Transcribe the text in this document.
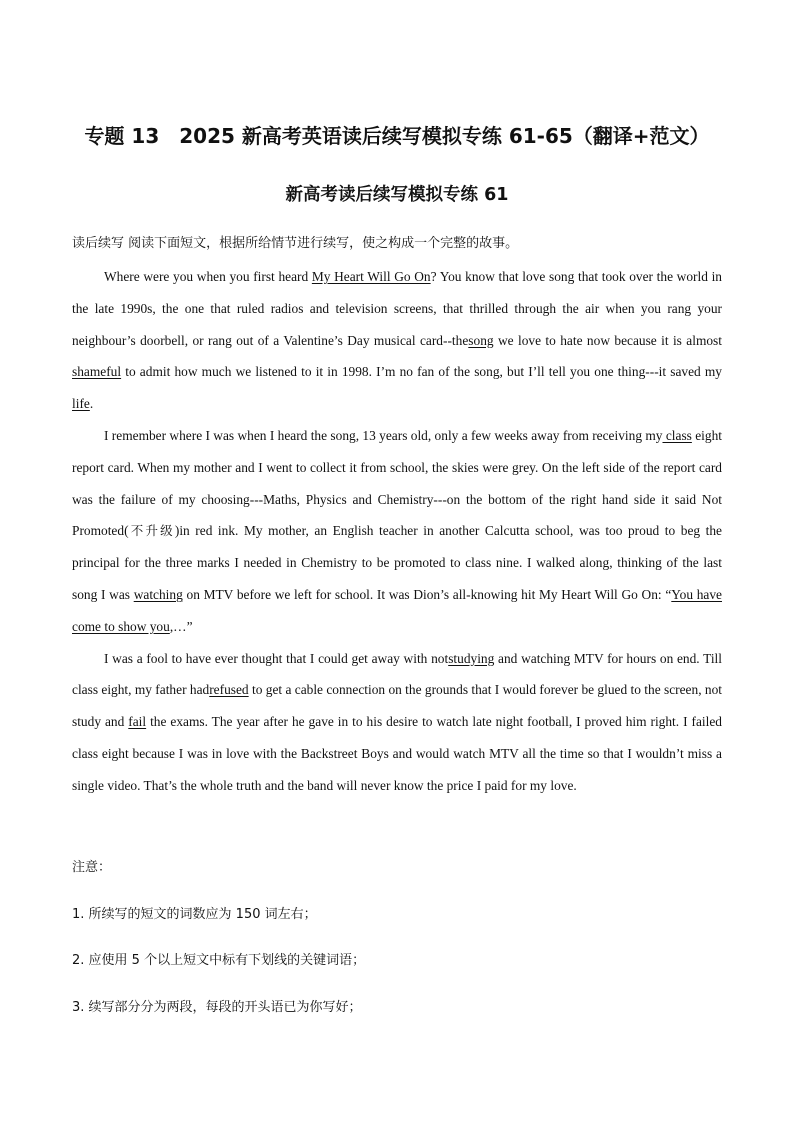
专题 13　2025 新高考英语读后续写模拟专练 61-65（翻译+范文）
新高考读后续写模拟专练 61
读后续写 阅读下面短文，根据所给情节进行续写，使之构成一个完整的故事。

Where were you when you first heard My Heart Will Go On? You know that love song that took over the world in the late 1990s, the one that ruled radios and television screens, that thrilled through the air when you rang your neighbour’s doorbell, or rang out of a Valentine’s Day musical card--thesong we love to hate now because it is almost shameful to admit how much we listened to it in 1998. I’m no fan of the song, but I’ll tell you one thing---it saved my life.

I remember where I was when I heard the song, 13 years old, only a few weeks away from receiving my class eight report card. When my mother and I went to collect it from school, the skies were grey. On the left side of the report card was the failure of my choosing---Maths, Physics and Chemistry---on the bottom of the right hand side it said Not Promoted(不升级)in red ink. My mother, an English teacher in another Calcutta school, was too proud to beg the principal for the three marks I needed in Chemistry to be promoted to class nine. I walked along, thinking of the last song I was watching on MTV before we left for school. It was Dion’s all-knowing hit My Heart Will Go On: “You have come to show you,…”

I was a fool to have ever thought that I could get away with notstudying and watching MTV for hours on end. Till class eight, my father hadrefused to get a cable connection on the grounds that I would forever be glued to the screen, not study and fail the exams. The year after he gave in to his desire to watch late night football, I proved him right. I failed class eight because I was in love with the Backstreet Boys and would watch MTV all the time so that I wouldn’t miss a single video. That’s the whole truth and the band will never know the price I paid for my love.

注意：
1. 所续写的短文的词数应为 150 词左右；
2. 应使用 5 个以上短文中标有下划线的关键词语；
3. 续写部分分为两段，每段的开头语已为你写好；
